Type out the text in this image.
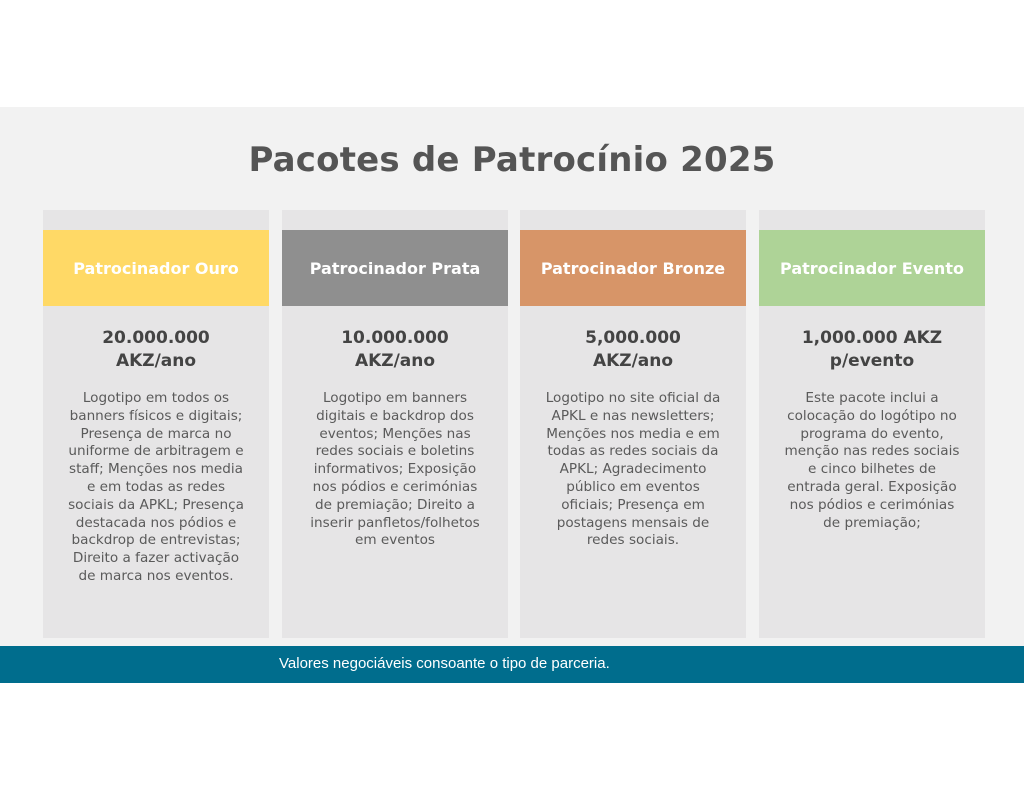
Pacotes de Patrocínio 2025
Patrocinador Ouro
20.000.000
AKZ/ano
Logotipo em todos os banners físicos e digitais; Presença de marca no uniforme de arbitragem e staff; Menções nos media e em todas as redes sociais da APKL; Presença destacada nos pódios e backdrop de entrevistas; Direito a fazer activação de marca nos eventos.
Patrocinador Prata
10.000.000
AKZ/ano
Logotipo em banners digitais e backdrop dos eventos; Menções nas redes sociais e boletins informativos; Exposição nos pódios e cerimónias de premiação; Direito a inserir panfletos/folhetos em eventos
Patrocinador Bronze
5,000.000
AKZ/ano
Logotipo no site oficial da APKL e nas newsletters; Menções nos media e em todas as redes sociais da APKL; Agradecimento público em eventos oficiais; Presença em postagens mensais de redes sociais.
Patrocinador Evento
1,000.000 AKZ
p/evento
Este pacote inclui a colocação do logótipo no programa do evento, menção nas redes sociais e cinco bilhetes de entrada geral. Exposição nos pódios e cerimónias de premiação;
Valores negociáveis consoante o tipo de parceria.
